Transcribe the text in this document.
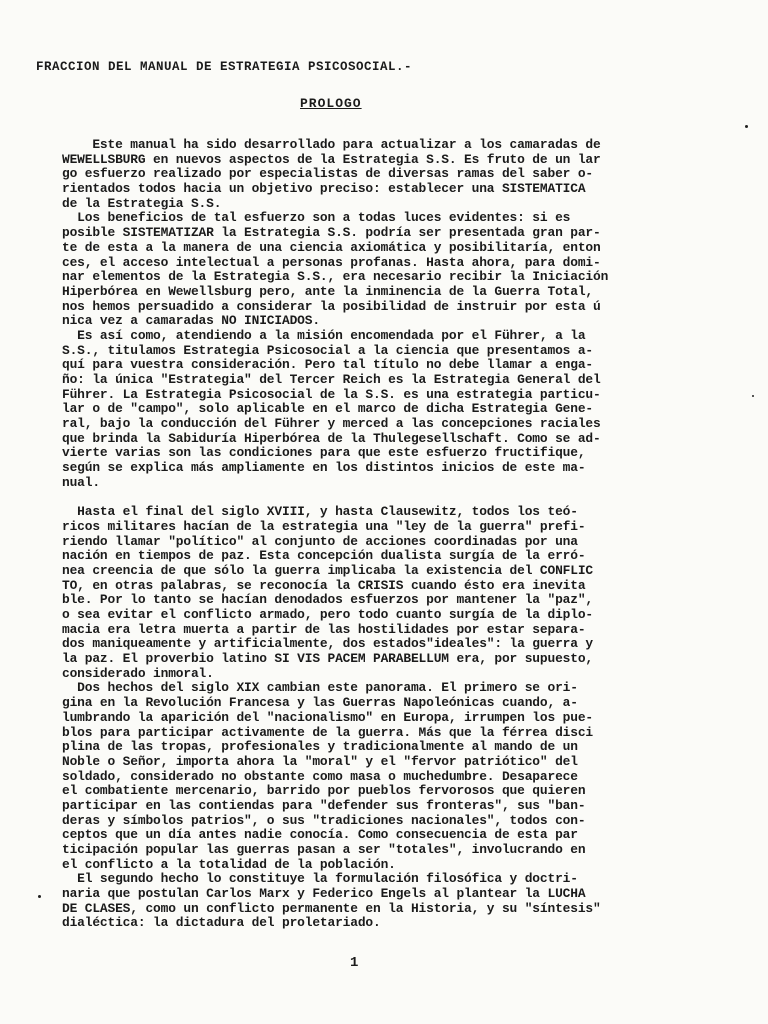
FRACCION DEL MANUAL DE ESTRATEGIA PSICOSOCIAL.-
PROLOGO
Este manual ha sido desarrollado para actualizar a los camaradas de
WEWELLSBURG en nuevos aspectos de la Estrategia S.S. Es fruto de un lar
go esfuerzo realizado por especialistas de diversas ramas del saber o-
rientados todos hacia un objetivo preciso: establecer una SISTEMATICA
de la Estrategia S.S.
Los beneficios de tal esfuerzo son a todas luces evidentes: si es
posible SISTEMATIZAR la Estrategia S.S. podría ser presentada gran par-
te de esta a la manera de una ciencia axiomática y posibilitaría, enton
ces, el acceso intelectual a personas profanas. Hasta ahora, para domi-
nar elementos de la Estrategia S.S., era necesario recibir la Iniciación
Hiperbórea en Wewellsburg pero, ante la inminencia de la Guerra Total,
nos hemos persuadido a considerar la posibilidad de instruir por esta ú
nica vez a camaradas NO INICIADOS.
Es así como, atendiendo a la misión encomendada por el Führer, a la
S.S., titulamos Estrategia Psicosocial a la ciencia que presentamos a-
quí para vuestra consideración. Pero tal título no debe llamar a enga-
ño: la única "Estrategia" del Tercer Reich es la Estrategia General del
Führer. La Estrategia Psicosocial de la S.S. es una estrategia particu-
lar o de "campo", solo aplicable en el marco de dicha Estrategia Gene-
ral, bajo la conducción del Führer y merced a las concepciones raciales
que brinda la Sabiduría Hiperbórea de la Thulegesellschaft. Como se ad-
vierte varias son las condiciones para que este esfuerzo fructifique,
según se explica más ampliamente en los distintos inicios de este ma-
nual.
Hasta el final del siglo XVIII, y hasta Clausewitz, todos los teó-
ricos militares hacían de la estrategia una "ley de la guerra" prefi-
riendo llamar "político" al conjunto de acciones coordinadas por una
nación en tiempos de paz. Esta concepción dualista surgía de la erró-
nea creencia de que sólo la guerra implicaba la existencia del CONFLIC
TO, en otras palabras, se reconocía la CRISIS cuando ésto era inevita
ble. Por lo tanto se hacían denodados esfuerzos por mantener la "paz",
o sea evitar el conflicto armado, pero todo cuanto surgía de la diplo-
macia era letra muerta a partir de las hostilidades por estar separa-
dos maniqueamente y artificialmente, dos estados"ideales": la guerra y
la paz. El proverbio latino SI VIS PACEM PARABELLUM era, por supuesto,
considerado inmoral.
Dos hechos del siglo XIX cambian este panorama. El primero se ori-
gina en la Revolución Francesa y las Guerras Napoleónicas cuando, a-
lumbrando la aparición del "nacionalismo" en Europa, irrumpen los pue-
blos para participar activamente de la guerra. Más que la férrea disci
plina de las tropas, profesionales y tradicionalmente al mando de un
Noble o Señor, importa ahora la "moral" y el "fervor patriótico" del
soldado, considerado no obstante como masa o muchedumbre. Desaparece
el combatiente mercenario, barrido por pueblos fervorosos que quieren
participar en las contiendas para "defender sus fronteras", sus "ban-
deras y símbolos patrios", o sus "tradiciones nacionales", todos con-
ceptos que un día antes nadie conocía. Como consecuencia de esta par
ticipación popular las guerras pasan a ser "totales", involucrando en
el conflicto a la totalidad de la población.
El segundo hecho lo constituye la formulación filosófica y doctri-
naria que postulan Carlos Marx y Federico Engels al plantear la LUCHA
DE CLASES, como un conflicto permanente en la Historia, y su "síntesis"
dialéctica: la dictadura del proletariado.
1
